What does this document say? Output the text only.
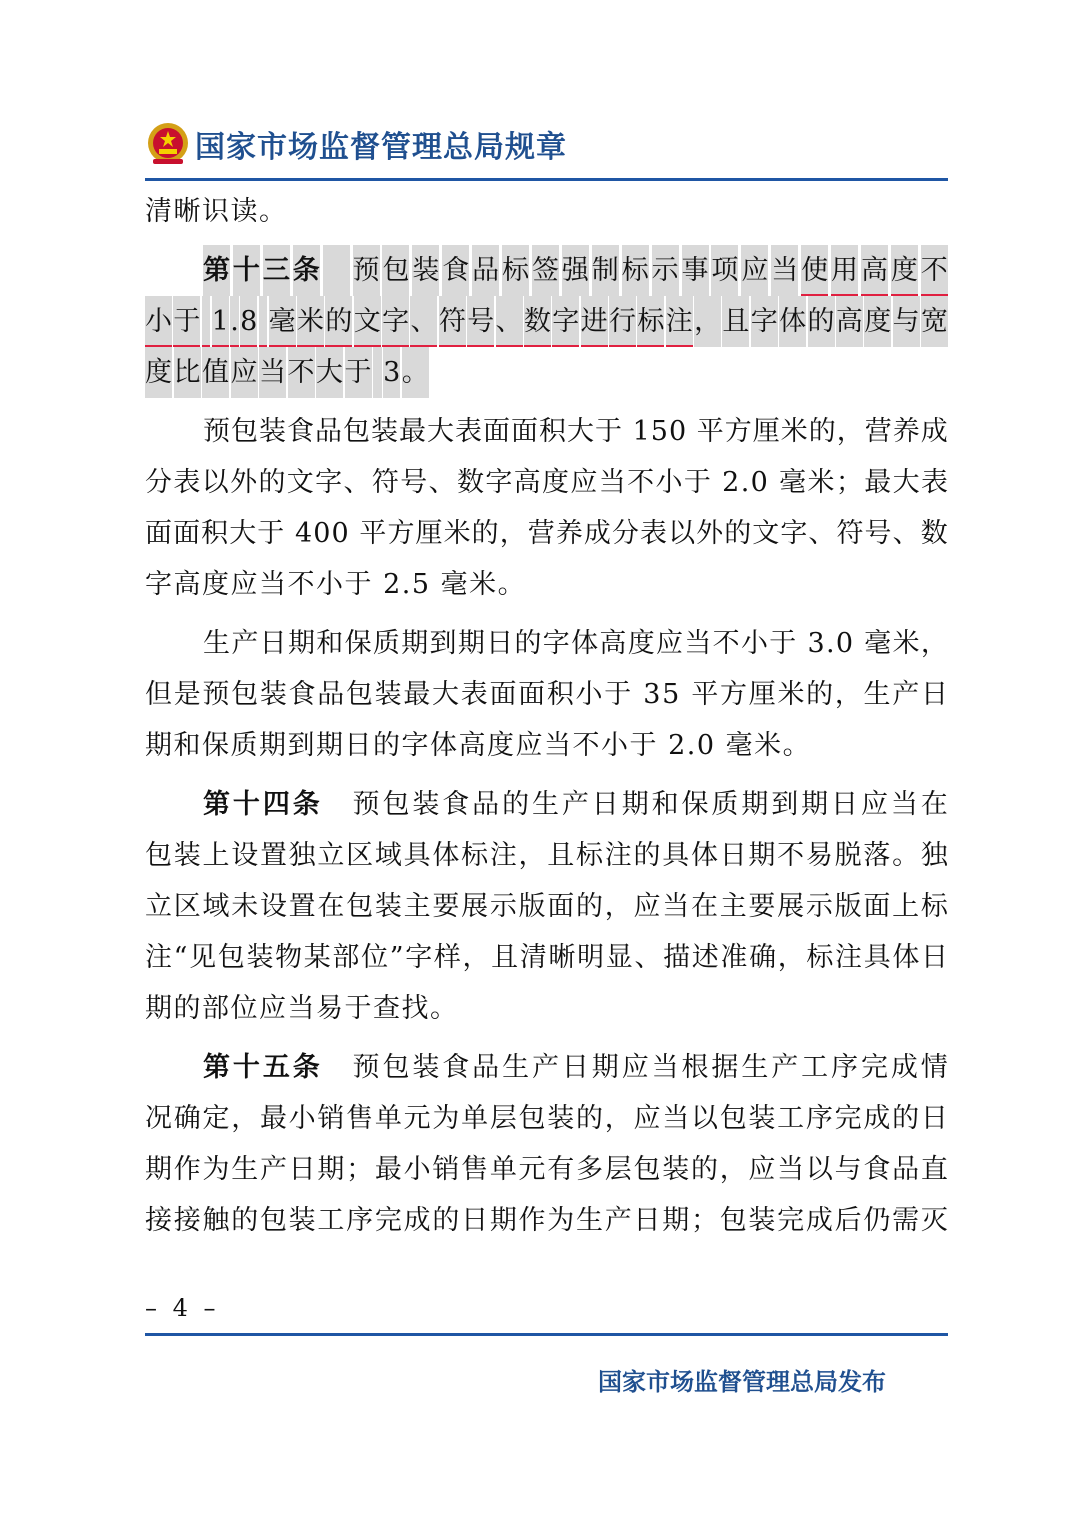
国家市场监督管理总局规章
清 晰 识 读 。
第 十 三 条
　 预 包 装 食 品 标 签 强 制 标 示 事 项 应 当 使 用 高 度 不
小 于
1 . 8
毫 米 的 文 字 、 符 号 、 数 字 进 行 标 注 ， 且 字 体 的 高 度 与 宽
度 比 值 应 当 不 大 于
3 。
预 包 装 食 品 包 装 最 大 表 面 面 积 大 于
1 5 0
平 方 厘 米 的 ， 营 养 成
分 表 以 外 的 文 字 、 符 号 、 数 字 高 度 应 当 不 小 于
2 . 0
毫 米 ； 最 大 表
面 面 积 大 于
4 0 0
平 方 厘 米 的 ， 营 养 成 分 表 以 外 的 文 字 、 符 号 、 数
字 高 度 应 当 不 小 于
2 . 5
毫 米 。
生 产 日 期 和 保 质 期 到 期 日 的 字 体 高 度 应 当 不 小 于
3 . 0
毫 米 ，
但 是 预 包 装 食 品 包 装 最 大 表 面 面 积 小 于
3 5
平 方 厘 米 的 ， 生 产 日
期 和 保 质 期 到 期 日 的 字 体 高 度 应 当 不 小 于
2 . 0
毫 米 。
第 十 四 条
　 预 包 装 食 品 的 生 产 日 期 和 保 质 期 到 期 日 应 当 在
包 装 上 设 置 独 立 区 域 具 体 标 注 ， 且 标 注 的 具 体 日 期 不 易 脱 落 。 独
立 区 域 未 设 置 在 包 装 主 要 展 示 版 面 的 ， 应 当 在 主 要 展 示 版 面 上 标
注 “ 见 包 装 物 某 部 位 ” 字 样 ， 且 清 晰 明 显 、 描 述 准 确 ， 标 注 具 体 日
期 的 部 位 应 当 易 于 查 找 。
第 十 五 条
　 预 包 装 食 品 生 产 日 期 应 当 根 据 生 产 工 序 完 成 情
况 确 定 ， 最 小 销 售 单 元 为 单 层 包 装 的 ， 应 当 以 包 装 工 序 完 成 的 日
期 作 为 生 产 日 期 ； 最 小 销 售 单 元 有 多 层 包 装 的 ， 应 当 以 与 食 品 直
接 接 触 的 包 装 工 序 完 成 的 日 期 作 为 生 产 日 期 ； 包 装 完 成 后 仍 需 灭
– 4 –
国家市场监督管理总局发布
